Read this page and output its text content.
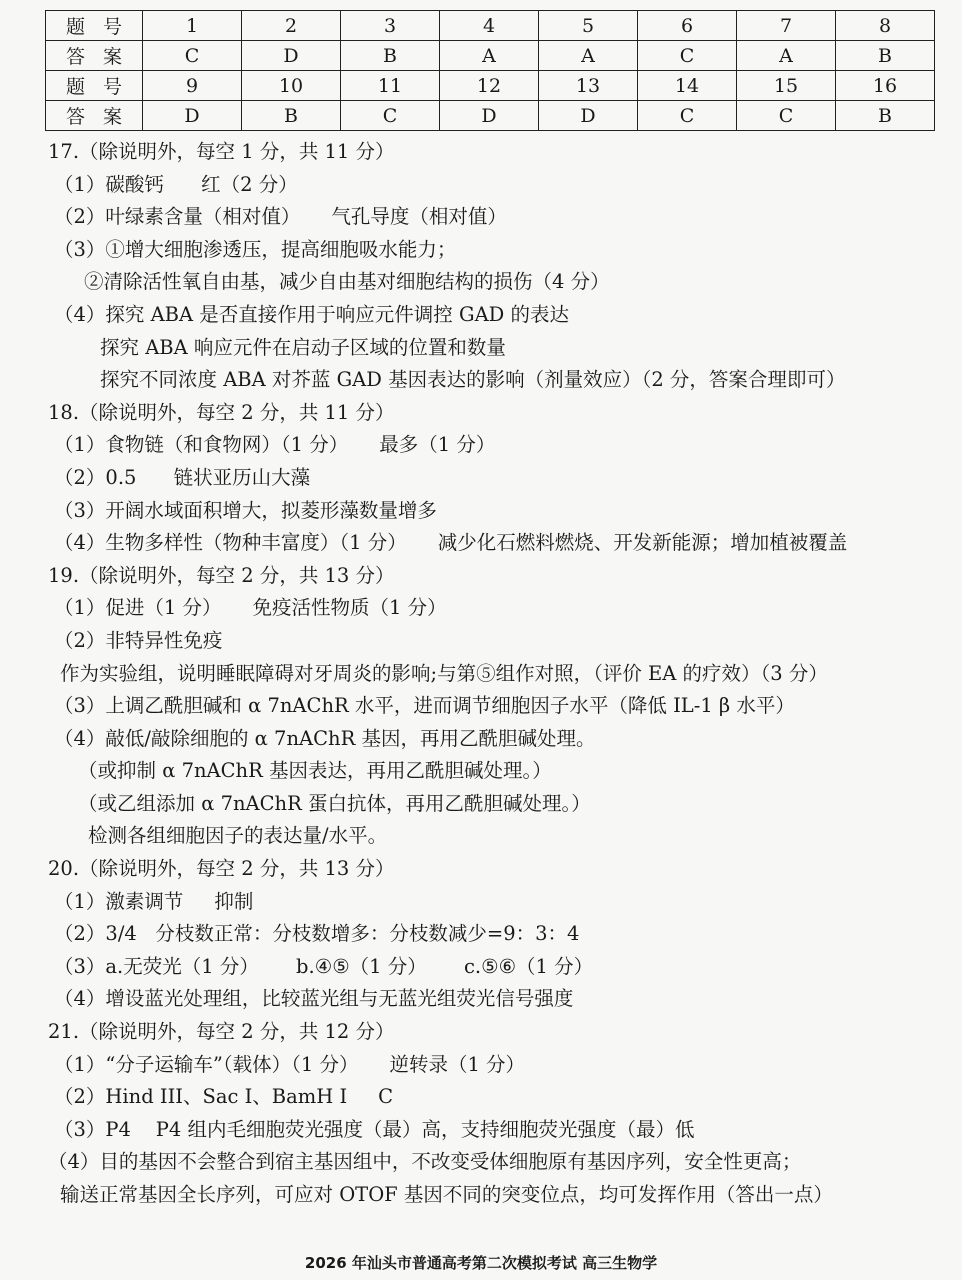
题号	1	2	3	4	5	6	7	8
答案	C	D	B	A	A	C	A	B
题号	9	10	11	12	13	14	15	16
答案	D	B	C	D	D	C	C	B
17.（除说明外，每空 1 分，共 11 分）
（1）碳酸钙      红（2 分）
（2）叶绿素含量（相对值）     气孔导度（相对值）
（3）①增大细胞渗透压，提高细胞吸水能力；
②清除活性氧自由基，减少自由基对细胞结构的损伤（4 分）
（4）探究 ABA 是否直接作用于响应元件调控 GAD 的表达
探究 ABA 响应元件在启动子区域的位置和数量
探究不同浓度 ABA 对芥蓝 GAD 基因表达的影响（剂量效应）（2 分，答案合理即可）
18.（除说明外，每空 2 分，共 11 分）
（1）食物链（和食物网）（1 分）     最多（1 分）
（2）0.5      链状亚历山大藻
（3）开阔水域面积增大，拟菱形藻数量增多
（4）生物多样性（物种丰富度）（1 分）     减少化石燃料燃烧、开发新能源；增加植被覆盖
19.（除说明外，每空 2 分，共 13 分）
（1）促进（1 分）     免疫活性物质（1 分）
（2）非特异性免疫
作为实验组，说明睡眠障碍对牙周炎的影响;与第⑤组作对照，（评价 EA 的疗效）（3 分）
（3）上调乙酰胆碱和 α 7nAChR 水平，进而调节细胞因子水平（降低 IL-1 β 水平）
（4）敲低/敲除细胞的 α 7nAChR 基因，再用乙酰胆碱处理。
（或抑制 α 7nAChR 基因表达，再用乙酰胆碱处理。）
（或乙组添加 α 7nAChR 蛋白抗体，再用乙酰胆碱处理。）
检测各组细胞因子的表达量/水平。
20.（除说明外，每空 2 分，共 13 分）
（1）激素调节     抑制
（2）3/4   分枝数正常：分枝数增多：分枝数减少=9：3：4
（3）a.无荧光（1 分）      b.④⑤（1 分）      c.⑤⑥（1 分）
（4）增设蓝光处理组，比较蓝光组与无蓝光组荧光信号强度
21.（除说明外，每空 2 分，共 12 分）
（1）“分子运输车”（载体）（1 分）     逆转录（1 分）
（2）Hind III、Sac I、BamH I     C
（3）P4    P4 组内毛细胞荧光强度（最）高，支持细胞荧光强度（最）低
（4）目的基因不会整合到宿主基因组中，不改变受体细胞原有基因序列，安全性更高；
输送正常基因全长序列，可应对 OTOF 基因不同的突变位点，均可发挥作用（答出一点）
2026 年汕头市普通高考第二次模拟考试 高三生物学
